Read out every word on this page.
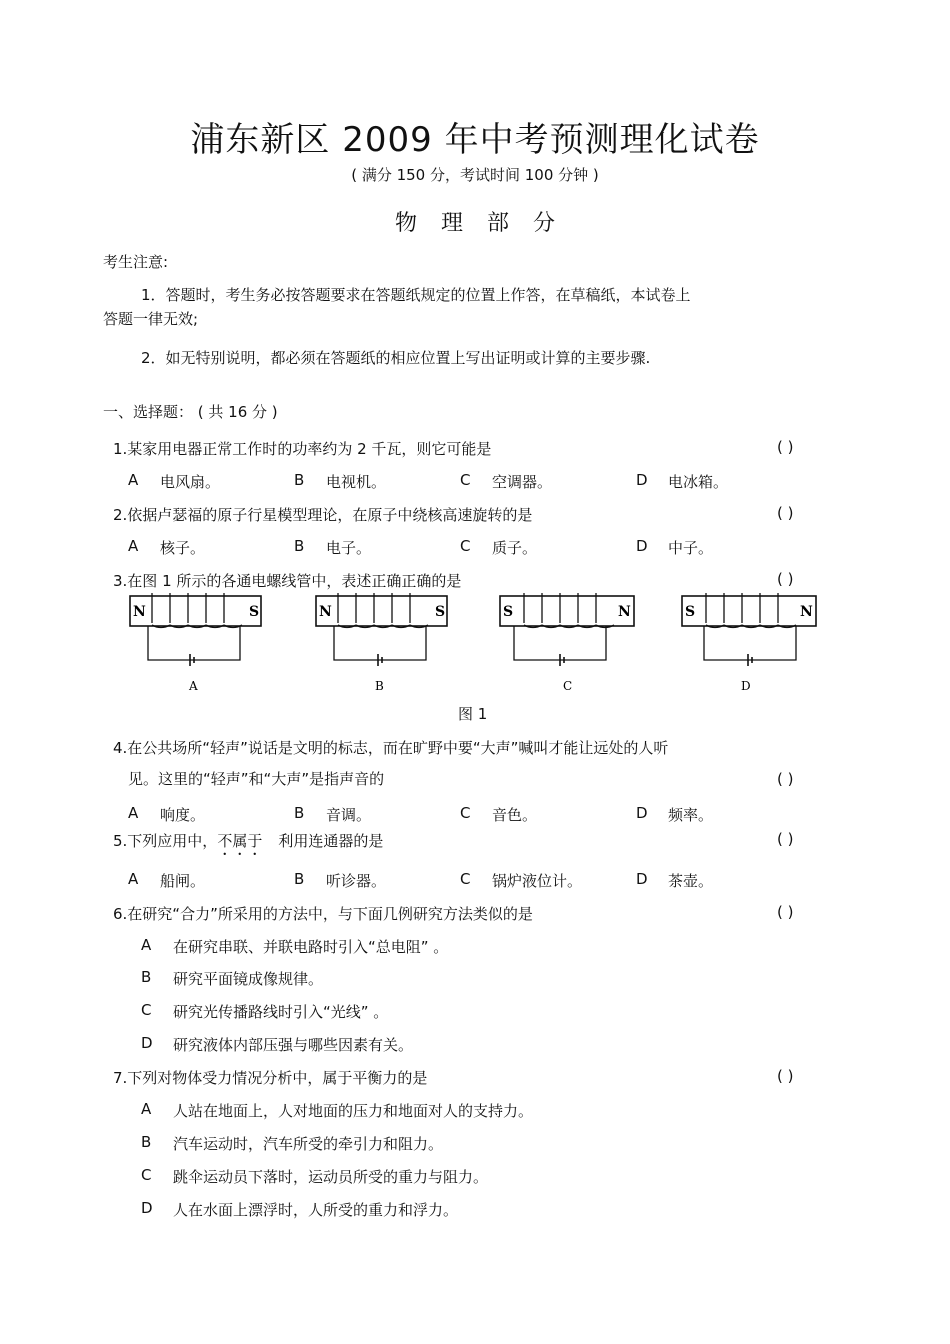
浦东新区 2009 年中考预测理化试卷
( 满分 150 分，考试时间 100 分钟 )
物理部分
考生注意:
1．答题时，考生务必按答题要求在答题纸规定的位置上作答，在草稿纸，本试卷上
答题一律无效;
2．如无特别说明，都必须在答题纸的相应位置上写出证明或计算的主要步骤.
一、选择题： ( 共 16 分 )
1.某家用电器正常工作时的功率约为 2 千瓦，则它可能是	( )
A 电风扇。	B 电视机。	C 空调器。	D 电冰箱。
2.依据卢瑟福的原子行星模型理论，在原子中绕核高速旋转的是	( )
A 核子。	B 电子。	C 质子。	D 中子。
3.在图 1 所示的各通电螺线管中，表述正确正确的是	( )
N	S
A
N	S
B
S	N
C
S	N
D
图 1
4.在公共场所“轻声”说话是文明的标志，而在旷野中要“大声”喊叫才能让远处的人听
见。这里的“轻声”和“大声”是指声音的	( )
A 响度。	B 音调。	C 音色。	D 频率。
5.下列应用中，不属于 利用连通器的是	( )
A 船闸。	B 听诊器。	C 锅炉液位计。	D 茶壶。
6.在研究“合力”所采用的方法中，与下面几例研究方法类似的是	( )
A 在研究串联、并联电路时引入“总电阻” 。
B 研究平面镜成像规律。
C 研究光传播路线时引入“光线” 。
D 研究液体内部压强与哪些因素有关。
7.下列对物体受力情况分析中，属于平衡力的是	( )
A 人站在地面上，人对地面的压力和地面对人的支持力。
B 汽车运动时，汽车所受的牵引力和阻力。
C 跳伞运动员下落时，运动员所受的重力与阻力。
D 人在水面上漂浮时，人所受的重力和浮力。
